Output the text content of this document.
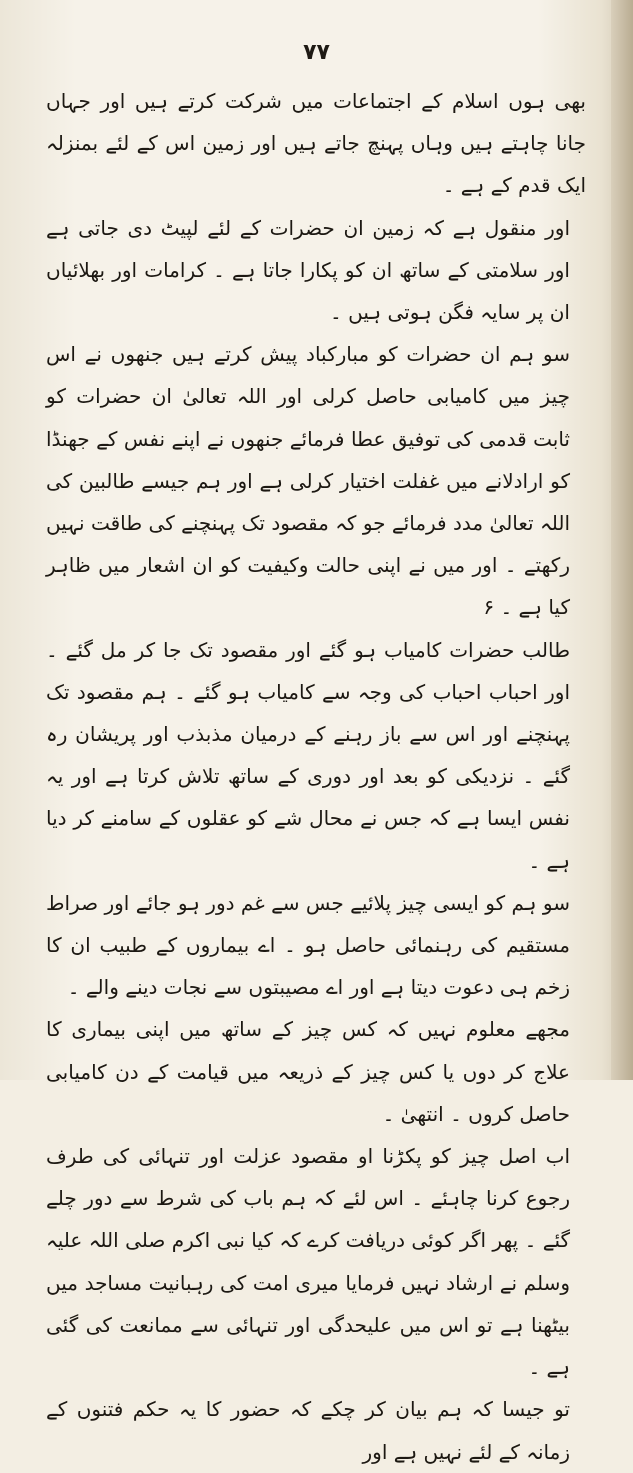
۷۷

بھی ہوں اسلام کے اجتماعات میں شرکت کرتے ہیں اور جہاں جانا چاہتے ہیں وہاں پہنچ جاتے ہیں اور زمین اس کے لئے بمنزلہ ایک قدم کے ہے ۔

اور منقول ہے کہ زمین ان حضرات کے لئے لپیٹ دی جاتی ہے اور سلامتی کے ساتھ ان کو پکارا جاتا ہے ۔ کرامات اور بھلائیاں ان پر سایہ فگن ہوتی ہیں ۔

سو ہم ان حضرات کو مبارکباد پیش کرتے ہیں جنھوں نے اس چیز میں کامیابی حاصل کرلی اور اللہ تعالیٰ ان حضرات کو ثابت قدمی کی توفیق عطا فرمائے جنھوں نے اپنے نفس کے جھنڈا کو ارادلانے میں غفلت اختیار کرلی ہے اور ہم جیسے طالبین کی اللہ تعالیٰ مدد فرمائے جو کہ مقصود تک پہنچنے کی طاقت نہیں رکھتے ۔ اور میں نے اپنی حالت وکیفیت کو ان اشعار میں ظاہر کیا ہے ۔ ۶

طالب حضرات کامیاب ہو گئے اور مقصود تک جا کر مل گئے ۔ اور احباب احباب کی وجہ سے کامیاب ہو گئے ۔ ہم مقصود تک پہنچنے اور اس سے باز رہنے کے درمیان مذبذب اور پریشان رہ گئے ۔ نزدیکی کو بعد اور دوری کے ساتھ تلاش کرتا ہے اور یہ نفس ایسا ہے کہ جس نے محال شے کو عقلوں کے سامنے کر دیا ہے ۔

سو ہم کو ایسی چیز پلائیے جس سے غم دور ہو جائے اور صراط مستقیم کی رہنمائی حاصل ہو ۔ اے بیماروں کے طبیب ان کا زخم ہی دعوت دیتا ہے اور اے مصیبتوں سے نجات دینے والے ۔

مجھے معلوم نہیں کہ کس چیز کے ساتھ میں اپنی بیماری کا علاج کر دوں یا کس چیز کے ذریعہ میں قیامت کے دن کامیابی حاصل کروں ۔ انتھیٰ ۔

اب اصل چیز کو پکڑنا او مقصود عزلت اور تنہائی کی طرف رجوع کرنا چاہئے ۔ اس لئے کہ ہم باب کی شرط سے دور چلے گئے ۔ پھر اگر کوئی دریافت کرے کہ کیا نبی اکرم صلی اللہ علیہ وسلم نے ارشاد نہیں فرمایا میری امت کی رہبانیت مساجد میں بیٹھنا ہے تو اس میں علیحدگی اور تنہائی سے ممانعت کی گئی ہے ۔

تو جیسا کہ ہم بیان کر چکے کہ حضور کا یہ حکم فتنوں کے زمانہ کے لئے نہیں ہے اور
